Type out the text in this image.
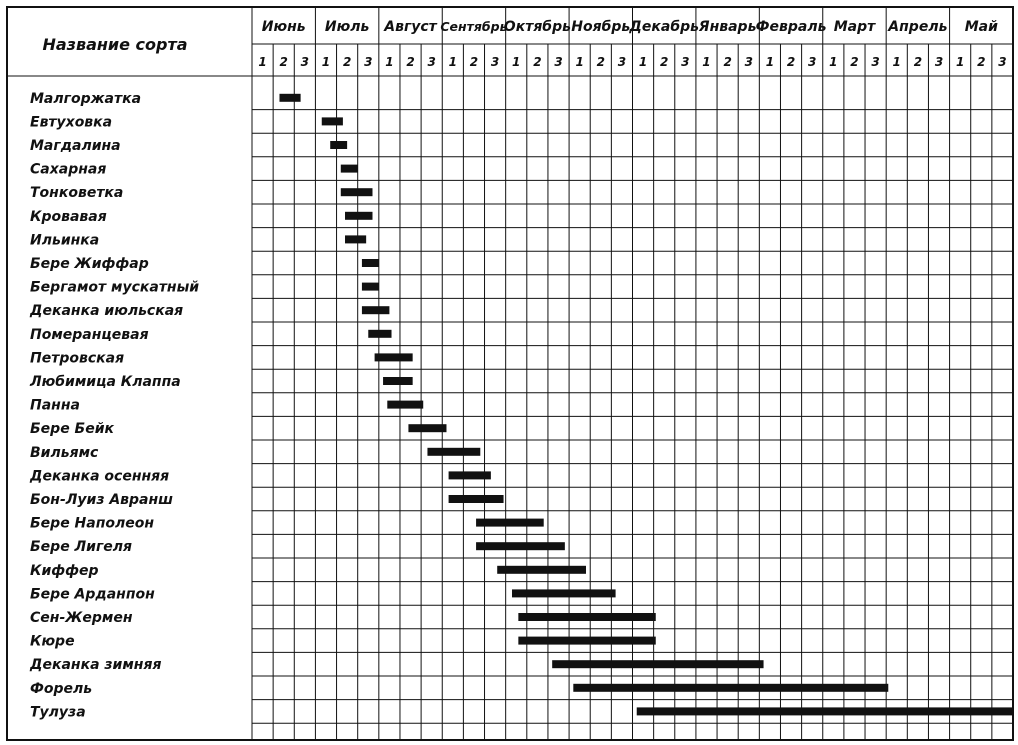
Название сорта
Июнь Июль Август Сентябрь
Октябрь Ноябрь Декабрь Январь Февраль Март Апрель Май
1 2 3 1 2 3 1 2 3 1 2 3 1 2 3 1 2 3 1 2 3 1 2 3 1 2 3 1 2 3 1 2 3 1 2 3
Малгоржатка
Евтуховка
Магдалина
Сахарная
Тонковетка
Кровавая
Ильинка
Бере Жиффар
Бергамот мускатный
Деканка июльская
Померанцевая
Петровская
Любимица Клаппа
Панна
Бере Бейк
Вильямс
Деканка осенняя
Бон-Луиз Авранш
Бере Наполеон
Бере Лигеля
Киффер
Бере Арданпон
Сен-Жермен
Кюре
Деканка зимняя
Форель
Тулуза
